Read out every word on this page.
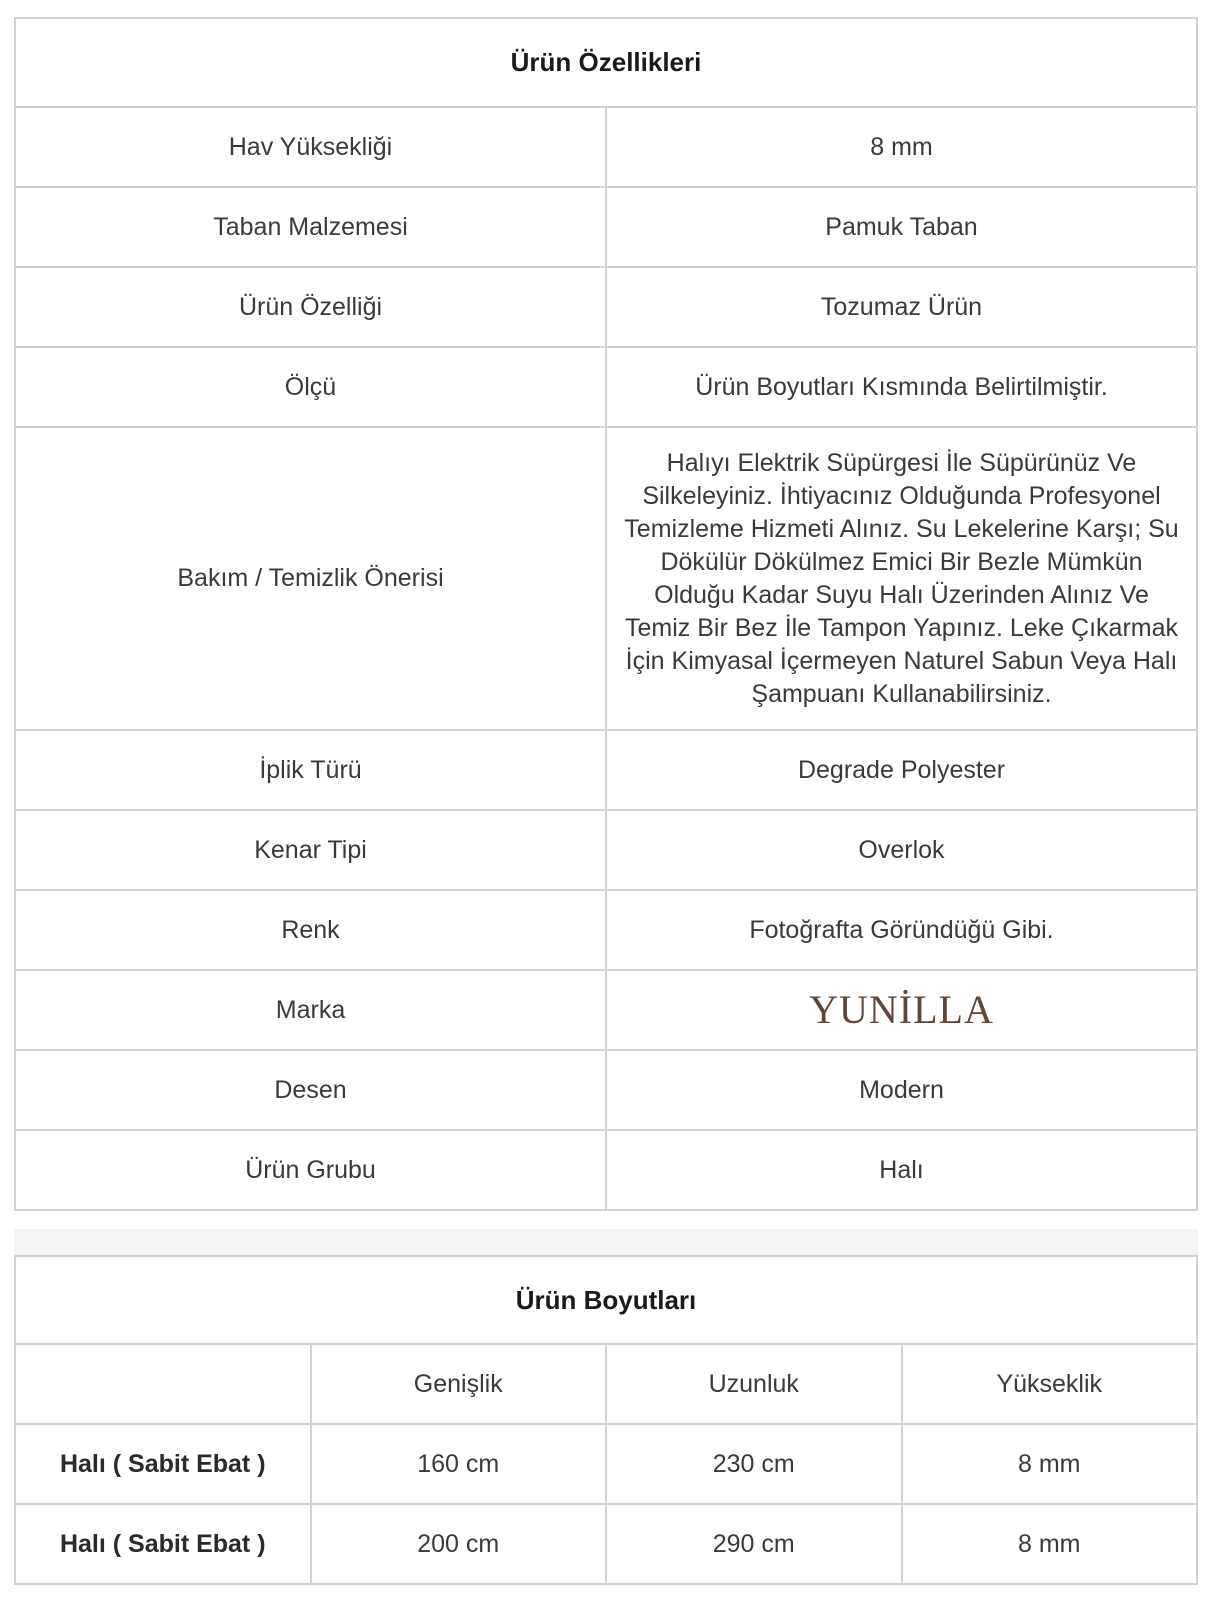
Ürün Özellikleri	
Hav Yüksekliği	8 mm
Taban Malzemesi	Pamuk Taban
Ürün Özelliği	Tozumaz Ürün
Ölçü	Ürün Boyutları Kısmında Belirtilmiştir.
Bakım / Temizlik Önerisi	Halıyı Elektrik Süpürgesi İle Süpürünüz Ve Silkeleyiniz. İhtiyacınız Olduğunda Profesyonel Temizleme Hizmeti Alınız. Su Lekelerine Karşı; Su Dökülür Dökülmez Emici Bir Bezle Mümkün Olduğu Kadar Suyu Halı Üzerinden Alınız Ve Temiz Bir Bez İle Tampon Yapınız. Leke Çıkarmak İçin Kimyasal İçermeyen Naturel Sabun Veya Halı Şampuanı Kullanabilirsiniz.
İplik Türü	Degrade Polyester
Kenar Tipi	Overlok
Renk	Fotoğrafta Göründüğü Gibi.
Marka	YUNİLLA
Desen	Modern
Ürün Grubu	Halı
Ürün Boyutları			
	Genişlik	Uzunluk	Yükseklik
Halı ( Sabit Ebat )	160 cm	230 cm	8 mm
Halı ( Sabit Ebat )	200 cm	290 cm	8 mm
